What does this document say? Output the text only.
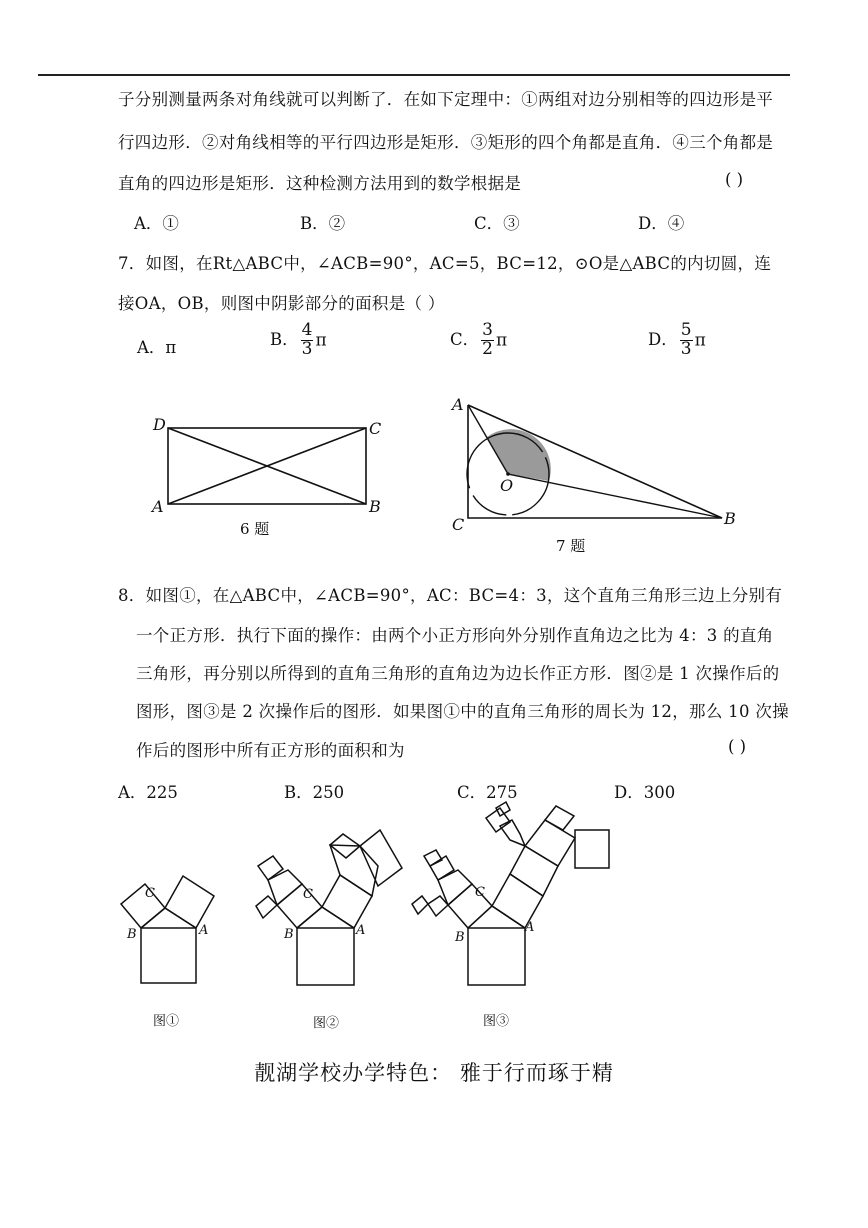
子分别测量两条对角线就可以判断了．在如下定理中：①两组对边分别相等的四边形是平
行四边形．②对角线相等的平行四边形是矩形．③矩形的四个角都是直角．④三个角都是
直角的四边形是矩形．这种检测方法用到的数学根据是	( )
A．①	B．②	C．③	D．④
7．如图，在Rt△ABC中，∠ACB=90°，AC=5，BC=12，⊙O是△ABC的内切圆，连
接OA，OB，则图中阴影部分的面积是（ ）
A．π	B． $\frac{4}{3}$ π	C． $\frac{3}{2}$ π	D． $\frac{5}{3}$ π
D	C
A	B
A
B
C
O
B	A
C
B	A
C
B
A
C
6 题
7 题
8．如图①，在△ABC中，∠ACB=90°，AC：BC=4：3，这个直角三角形三边上分别有
一个正方形．执行下面的操作：由两个小正方形向外分别作直角边之比为 4：3 的直角
三角形，再分别以所得到的直角三角形的直角边为边长作正方形．图②是 1 次操作后的
图形，图③是 2 次操作后的图形．如果图①中的直角三角形的周长为 12，那么 10 次操
作后的图形中所有正方形的面积和为	( )
A．225	B．250	C．275	D．300
图①	图②	图③
靓湖学校办学特色： 雅于行而琢于精
